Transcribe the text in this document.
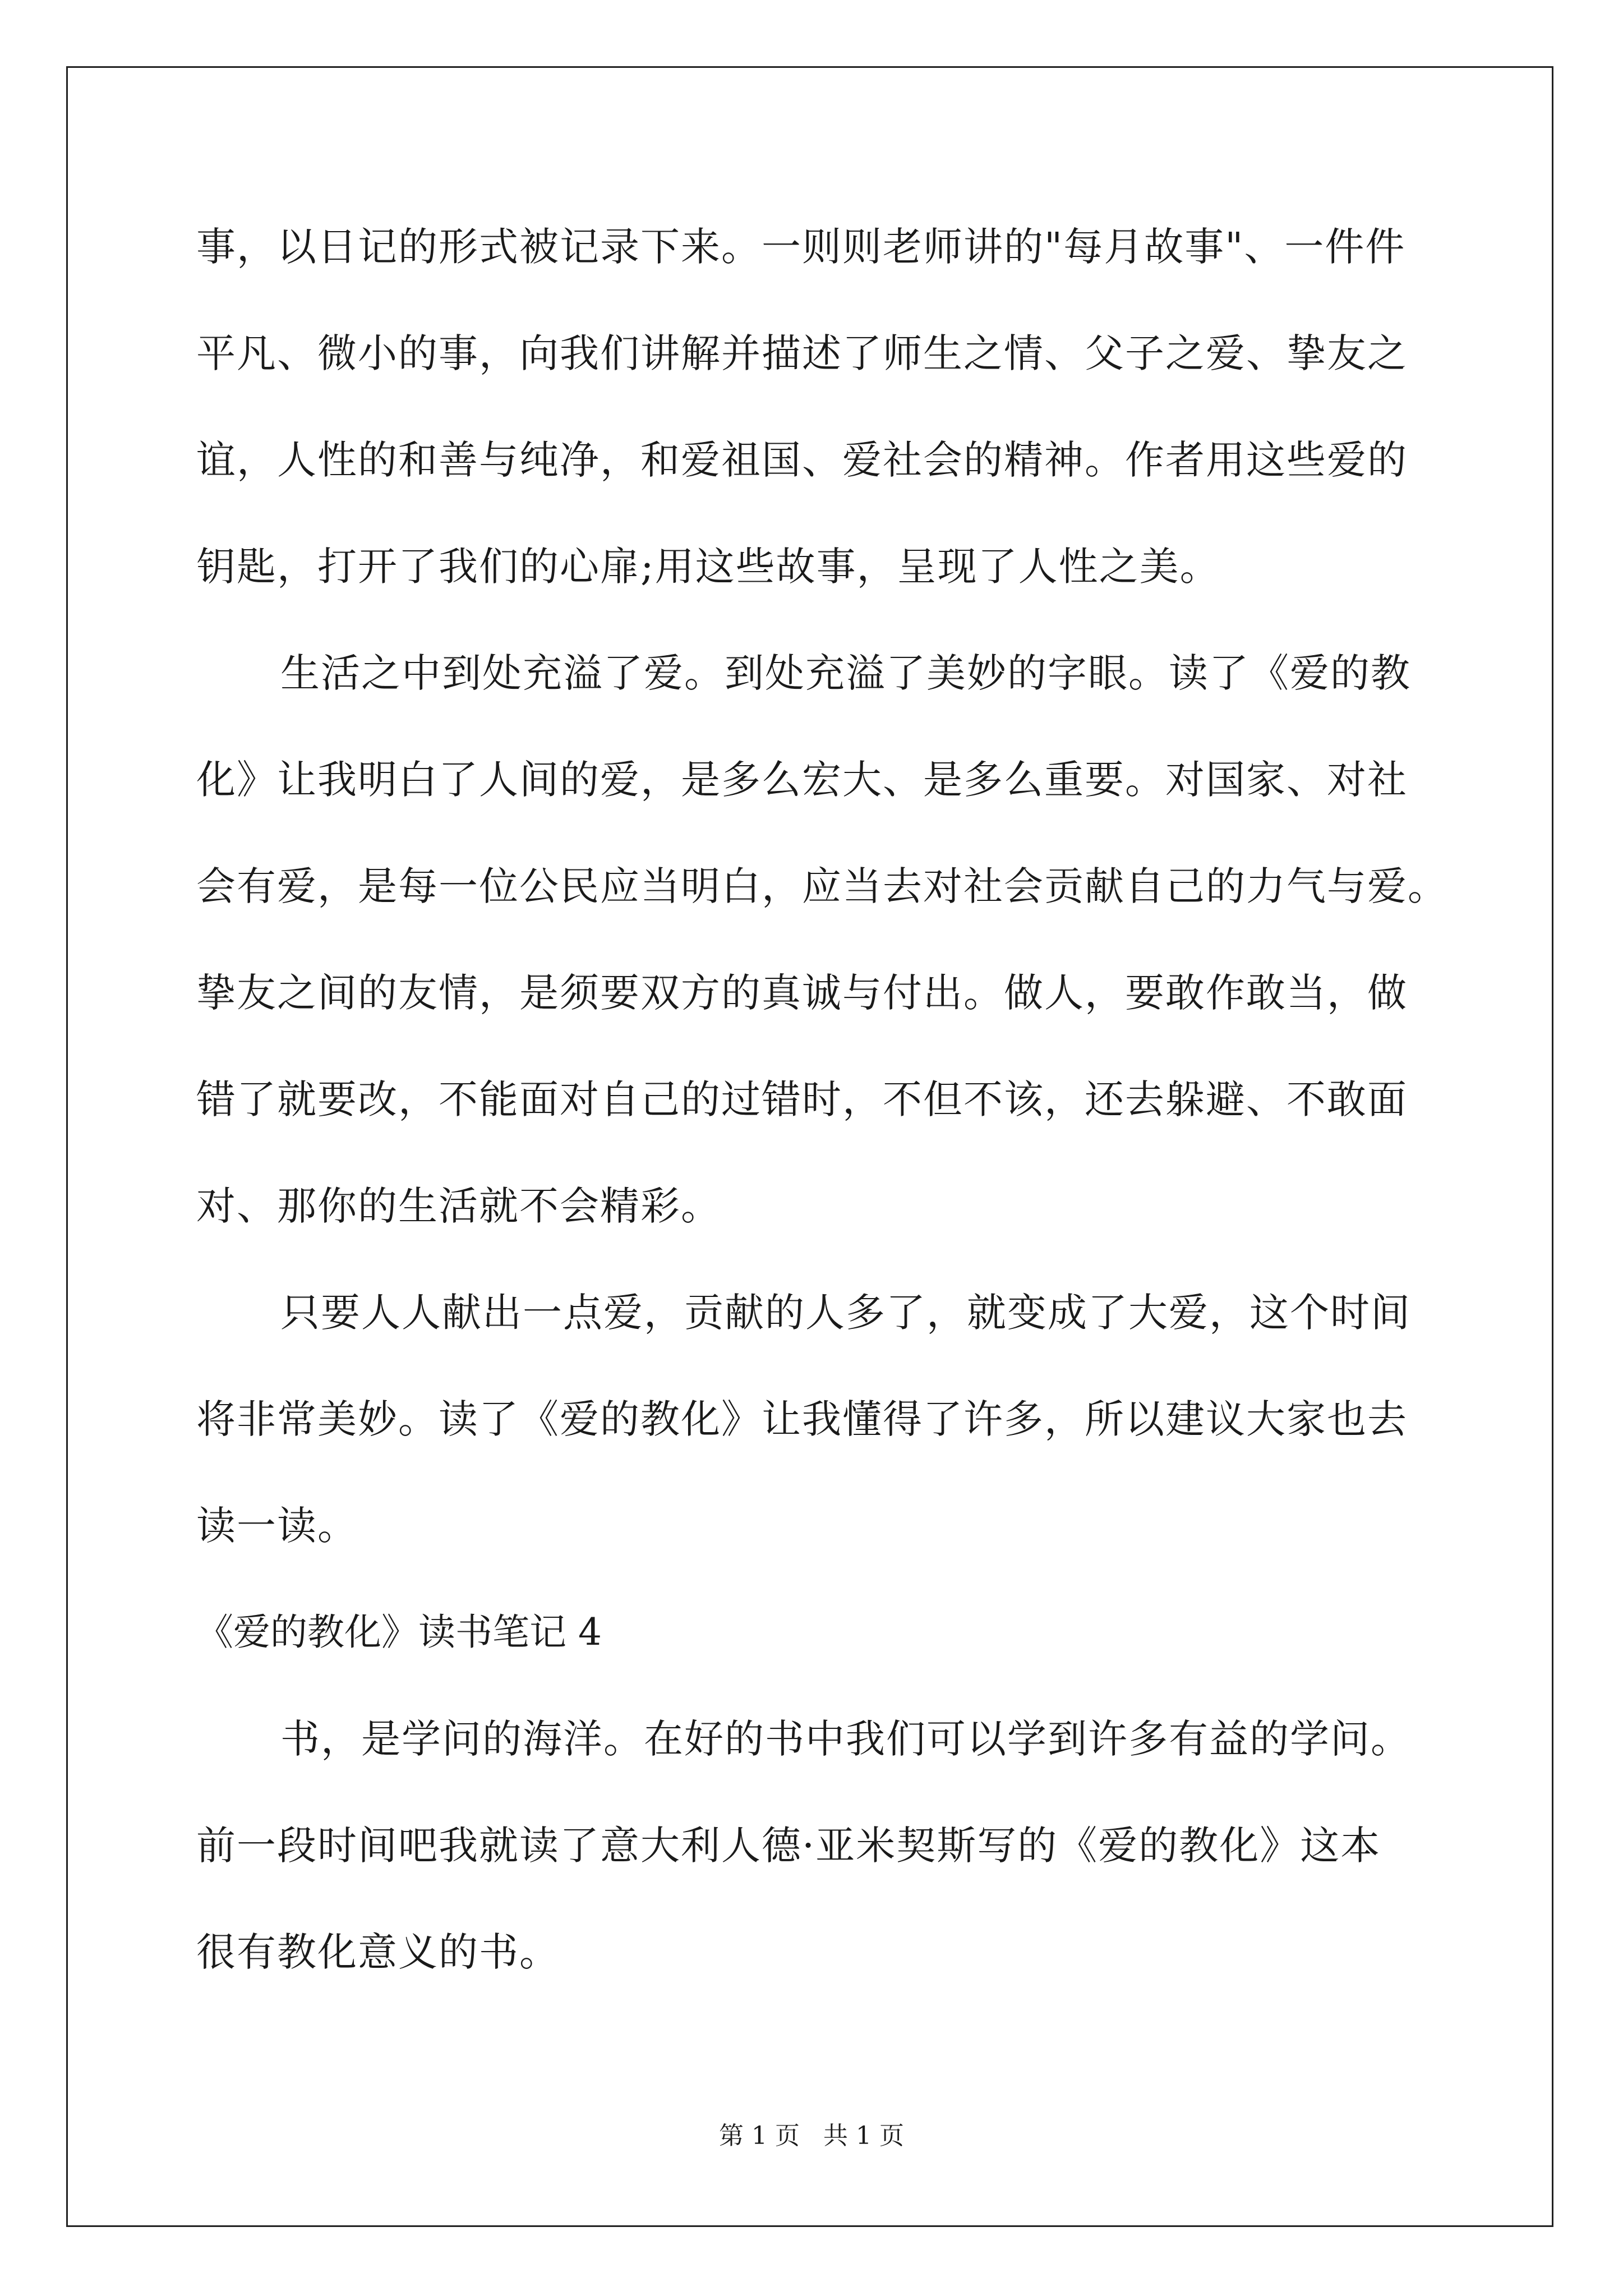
事，以日记的形式被记录下来。一则则老师讲的"每月故事"、一件件

平凡、微小的事，向我们讲解并描述了师生之情、父子之爱、挚友之

谊，人性的和善与纯净，和爱祖国、爱社会的精神。作者用这些爱的

钥匙，打开了我们的心扉;用这些故事，呈现了人性之美。

生活之中到处充溢了爱。到处充溢了美妙的字眼。读了《爱的教

化》让我明白了人间的爱，是多么宏大、是多么重要。对国家、对社

会有爱，是每一位公民应当明白，应当去对社会贡献自己的力气与爱。

挚友之间的友情，是须要双方的真诚与付出。做人，要敢作敢当，做

错了就要改，不能面对自己的过错时，不但不该，还去躲避、不敢面

对、那你的生活就不会精彩。

只要人人献出一点爱，贡献的人多了，就变成了大爱，这个时间

将非常美妙。读了《爱的教化》让我懂得了许多，所以建议大家也去

读一读。

《爱的教化》读书笔记 4

书，是学问的海洋。在好的书中我们可以学到许多有益的学问。

前一段时间吧我就读了意大利人德·亚米契斯写的《爱的教化》这本

很有教化意义的书。

第 1 页   共 1 页
